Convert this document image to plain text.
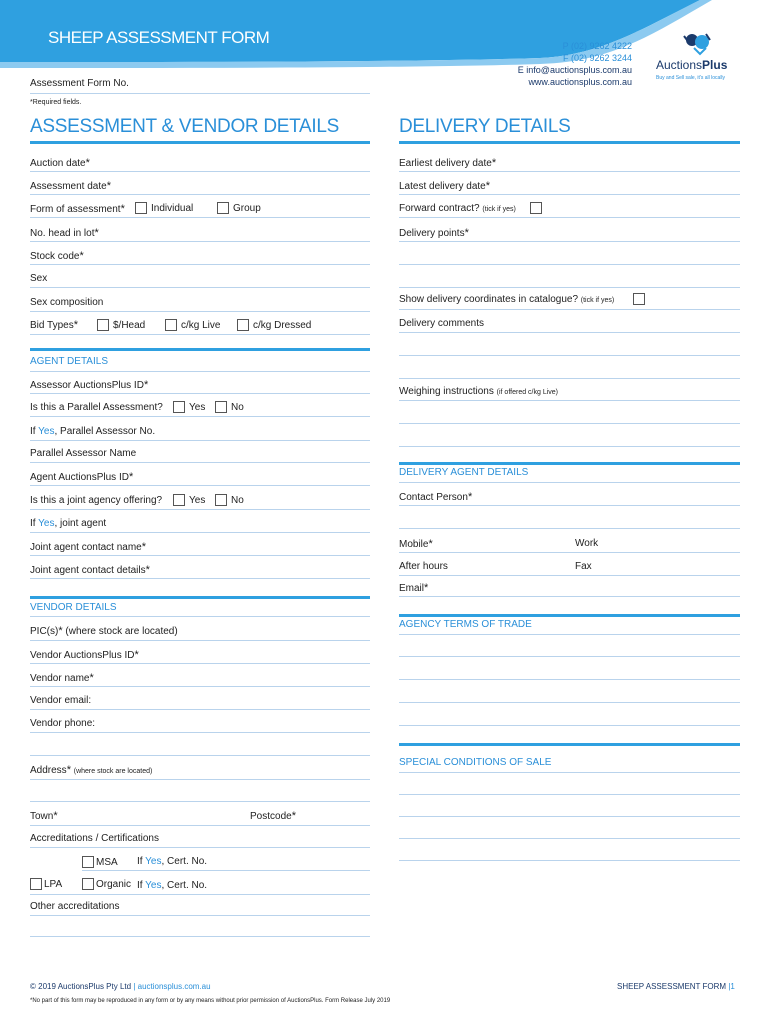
SHEEP ASSESSMENT FORM	P (02) 9262 4222
F (02) 9262 3244
E info@auctionsplus.com.au
www.auctionsplus.com.au
AuctionsPlus
Buy and Sell sale, it's all locally
Assessment Form No.
*Required fields.
ASSESSMENT & VENDOR DETAILS
Auction date*
Assessment date*
Form of assessment*	Individual	Group
No. head in lot*
Stock code*
Sex
Sex composition
Bid Types*	$/Head	c/kg Live	c/kg Dressed
AGENT DETAILS
Assessor AuctionsPlus ID*
Is this a Parallel Assessment?	Yes	No
If Yes, Parallel Assessor No.
Parallel Assessor Name
Agent AuctionsPlus ID*
Is this a joint agency offering?	Yes	No
If Yes, joint agent
Joint agent contact name*
Joint agent contact details*
VENDOR DETAILS
PIC(s)* (where stock are located)
Vendor AuctionsPlus ID*
Vendor name*
Vendor email:
Vendor phone:
Address* (where stock are located)
Town*	Postcode*
Accreditations / Certifications
MSA If Yes, Cert. No.
LPA	Organic If Yes, Cert. No.
Other accreditations
DELIVERY DETAILS
Earliest delivery date*
Latest delivery date*
Forward contract? (tick if yes)
Delivery points*
Show delivery coordinates in catalogue? (tick if yes)
Delivery comments
Weighing instructions (if offered c/kg Live)
DELIVERY AGENT DETAILS
Contact Person*
Mobile*	Work
After hours	Fax
Email*
AGENCY TERMS OF TRADE
SPECIAL CONDITIONS OF SALE
© 2019 AuctionsPlus Pty Ltd | auctionsplus.com.au	SHEEP ASSESSMENT FORM |1
*No part of this form may be reproduced in any form or by any means without prior permission of AuctionsPlus. Form Release July 2019
